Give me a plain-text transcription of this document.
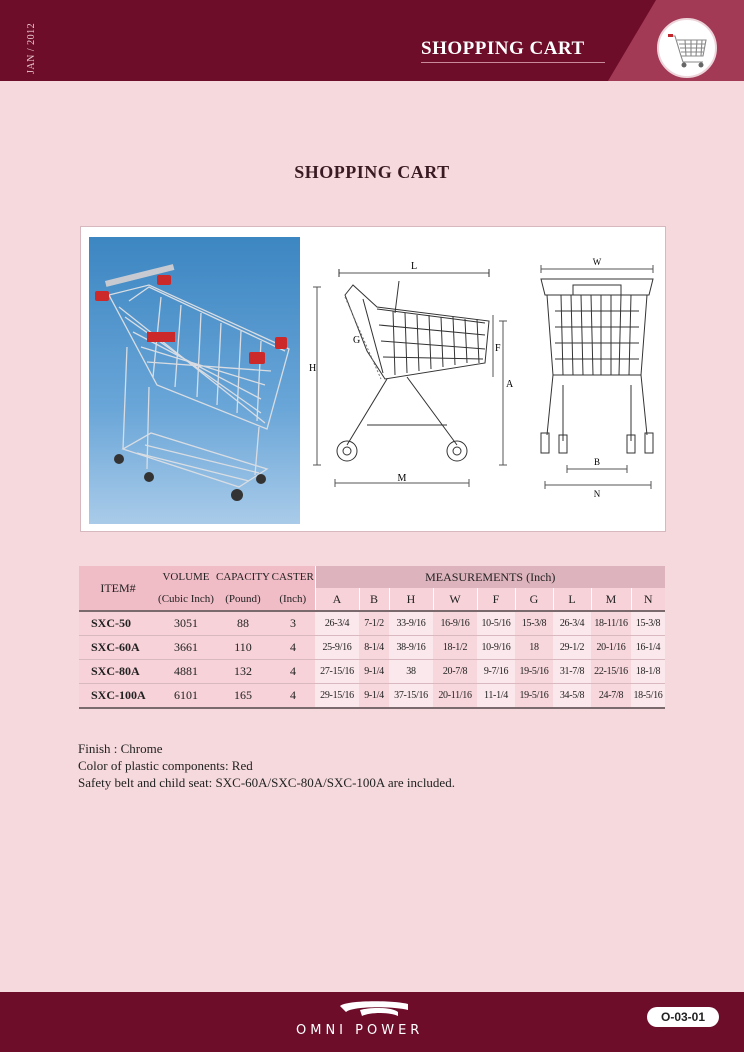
JAN / 2012	SHOPPING CART
SHOPPING CART
L
G
H
F
A
M
W
B
N
ITEM#	VOLUME	CAPACITY	CASTER	MEASUREMENTS (Inch)								
	(Cubic Inch)	(Pound)	(Inch)	A	B	H	W	F	G	L	M	N
SXC-50	3051	88	3	26-3/4	7-1/2	33-9/16	16-9/16	10-5/16	15-3/8	26-3/4	18-11/16	15-3/8
SXC-60A	3661	110	4	25-9/16	8-1/4	38-9/16	18-1/2	10-9/16	18	29-1/2	20-1/16	16-1/4
SXC-80A	4881	132	4	27-15/16	9-1/4	38	20-7/8	9-7/16	19-5/16	31-7/8	22-15/16	18-1/8
SXC-100A	6101	165	4	29-15/16	9-1/4	37-15/16	20-11/16	11-1/4	19-5/16	34-5/8	24-7/8	18-5/16
Finish : Chrome
Color of plastic components: Red
Safety belt and child seat: SXC-60A/SXC-80A/SXC-100A are included.
OMNI POWER
O-03-01
